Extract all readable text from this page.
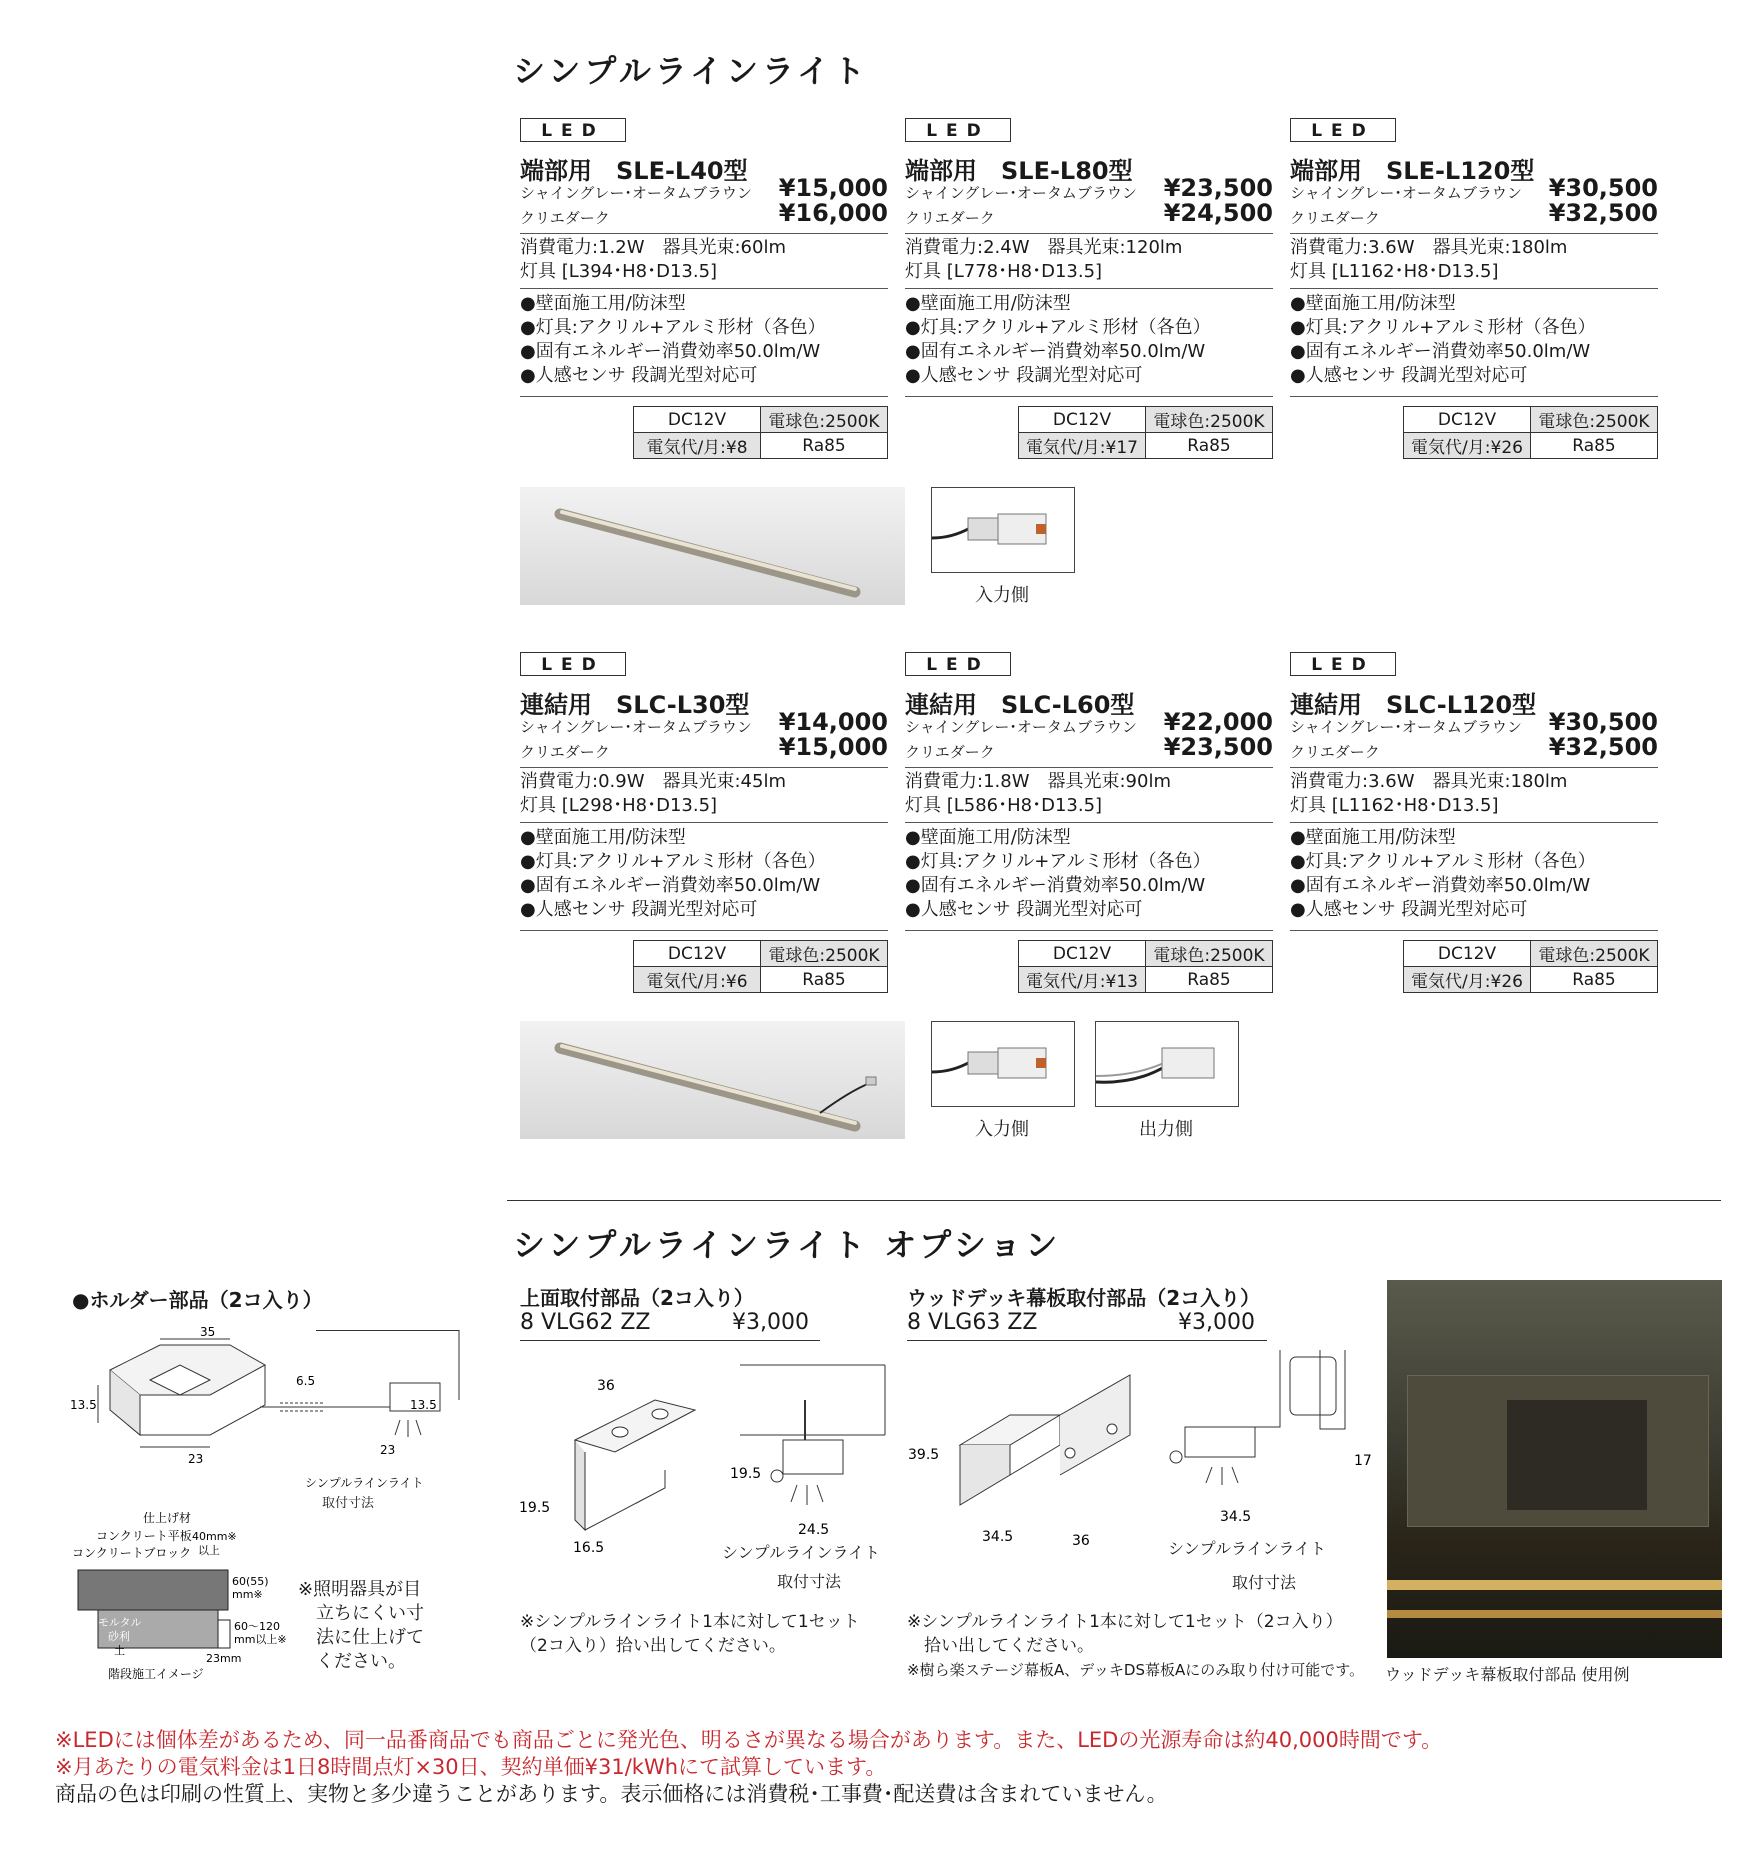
シンプルラインライト
LED
端部用　SLE-L40型
シャイングレー･オータムブラウン ¥15,000
クリエダーク	¥16,000
消費電力:1.2W　器具光束:60lm
灯具 [L394･H8･D13.5]
●壁面施工用/防沫型
●灯具:アクリル+アルミ形材（各色）
●固有エネルギー消費効率50.0lm/W
●人感センサ 段調光型対応可
DC12V	電球色:2500K
電気代/月:¥8	Ra85
LED
端部用　SLE-L80型
シャイングレー･オータムブラウン ¥23,500
クリエダーク	¥24,500
消費電力:2.4W　器具光束:120lm
灯具 [L778･H8･D13.5]
●壁面施工用/防沫型
●灯具:アクリル+アルミ形材（各色）
●固有エネルギー消費効率50.0lm/W
●人感センサ 段調光型対応可
DC12V	電球色:2500K
電気代/月:¥17	Ra85
LED
端部用　SLE-L120型
シャイングレー･オータムブラウン ¥30,500
クリエダーク	¥32,500
消費電力:3.6W　器具光束:180lm
灯具 [L1162･H8･D13.5]
●壁面施工用/防沫型
●灯具:アクリル+アルミ形材（各色）
●固有エネルギー消費効率50.0lm/W
●人感センサ 段調光型対応可
DC12V	電球色:2500K
電気代/月:¥26	Ra85
LED
連結用　SLC-L30型
シャイングレー･オータムブラウン ¥14,000
クリエダーク	¥15,000
消費電力:0.9W　器具光束:45lm
灯具 [L298･H8･D13.5]
●壁面施工用/防沫型
●灯具:アクリル+アルミ形材（各色）
●固有エネルギー消費効率50.0lm/W
●人感センサ 段調光型対応可
DC12V	電球色:2500K
電気代/月:¥6	Ra85
LED
連結用　SLC-L60型
シャイングレー･オータムブラウン ¥22,000
クリエダーク	¥23,500
消費電力:1.8W　器具光束:90lm
灯具 [L586･H8･D13.5]
●壁面施工用/防沫型
●灯具:アクリル+アルミ形材（各色）
●固有エネルギー消費効率50.0lm/W
●人感センサ 段調光型対応可
DC12V	電球色:2500K
電気代/月:¥13	Ra85
LED
連結用　SLC-L120型
シャイングレー･オータムブラウン ¥30,500
クリエダーク	¥32,500
消費電力:3.6W　器具光束:180lm
灯具 [L1162･H8･D13.5]
●壁面施工用/防沫型
●灯具:アクリル+アルミ形材（各色）
●固有エネルギー消費効率50.0lm/W
●人感センサ 段調光型対応可
DC12V	電球色:2500K
電気代/月:¥26	Ra85
入力側
入力側	出力側
シンプルラインライト オプション
●ホルダー部品（2コ入り）
35
13.5
23
6.5
13.5
23
シンプルラインライト
取付寸法
仕上げ材
コンクリート平板
コンクリートブロック
40mm※
以上
モルタル
砂利
土
60(55)
mm※
60〜120
mm以上※
23mm
階段施工イメージ
※照明器具が目
　立ちにくい寸
　法に仕上げて
　ください。
上面取付部品（2コ入り）
8 VLG62 ZZ	¥3,000
36
19.5
16.5
19.5
24.5
シンプルラインライト
取付寸法
※シンプルラインライト1本に対して1セット
（2コ入り）拾い出してください。
ウッドデッキ幕板取付部品（2コ入り）
8 VLG63 ZZ	¥3,000
39.5
34.5	36
17
34.5
シンプルラインライト
取付寸法
※シンプルラインライト1本に対して1セット（2コ入り）
　拾い出してください。
※樹ら楽ステージ幕板A、デッキDS幕板Aにのみ取り付け可能です。 ウッドデッキ幕板取付部品 使用例
※LEDには個体差があるため、同一品番商品でも商品ごとに発光色、明るさが異なる場合があります。また、LEDの光源寿命は約40,000時間です。
※月あたりの電気料金は1日8時間点灯×30日、契約単価¥31/kWhにて試算しています。
商品の色は印刷の性質上、実物と多少違うことがあります。表示価格には消費税･工事費･配送費は含まれていません。
